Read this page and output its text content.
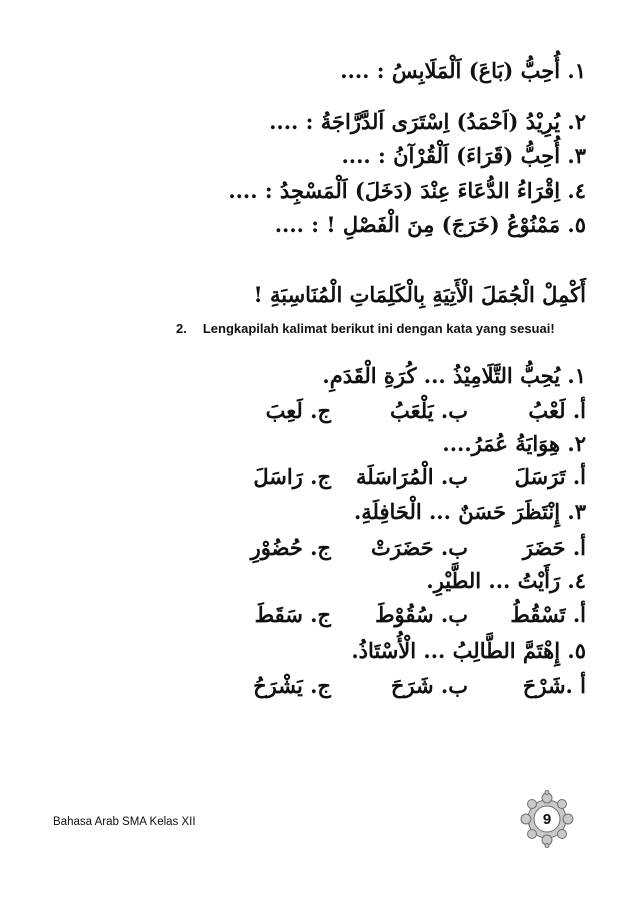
١. أُحِبُّ (بَاعَ) اَلْمَلَابِسُ : ....
٢. يُرِيْدُ (اَحْمَدُ) اِسْتَرَى اَلدَّرَّاجَةُ : ....
٣. أُحِبُّ (قَرَاءَ) اَلْقُرْآنُ : ....
٤. اِقْرَاءُ الدُّعَاءَ عِنْدَ (دَخَلَ) اَلْمَسْجِدُ : ....
٥. مَمْنُوْعُ (خَرَجَ) مِنَ الْفَصْلِ ! : ....
أَكْمِلْ الْجُمَلَ الْأَتِيَةِ بِالْكَلِمَاتِ الْمُنَاسِبَةِ !
2. Lengkapilah kalimat berikut ini dengan kata yang sesuai!
١. يُحِبُّ التَّلَامِيْذُ ... كُرَةِ الْقَدَمِ.
أ. لَعْبُ
ب. يَلْعَبُ
ج. لَعِبَ
٢. هِوَايَةُ عُمَرُ....
أ. تَرَسَلَ
ب. الْمُرَاسَلَة
ج. رَاسَلَ
٣. إِنْتَظَرَ حَسَنٌ ... الْحَافِلَةِ.
أ. حَضَرَ
ب. حَضَرَتْ
ج. حُضُوْرِ
٤. رَأَيْتُ ... الطَّيْرِ.
أ. تَسْقُطُ
ب. سُقُوْطَ
ج. سَقَطَ
٥. إِهْتَمَّ الطَّالِبُ ... الْأُسْتَاذُ.
أ .شَرْحَ
ب. شَرَحَ
ج. يَشْرَحُ
Bahasa Arab SMA Kelas XII	9
